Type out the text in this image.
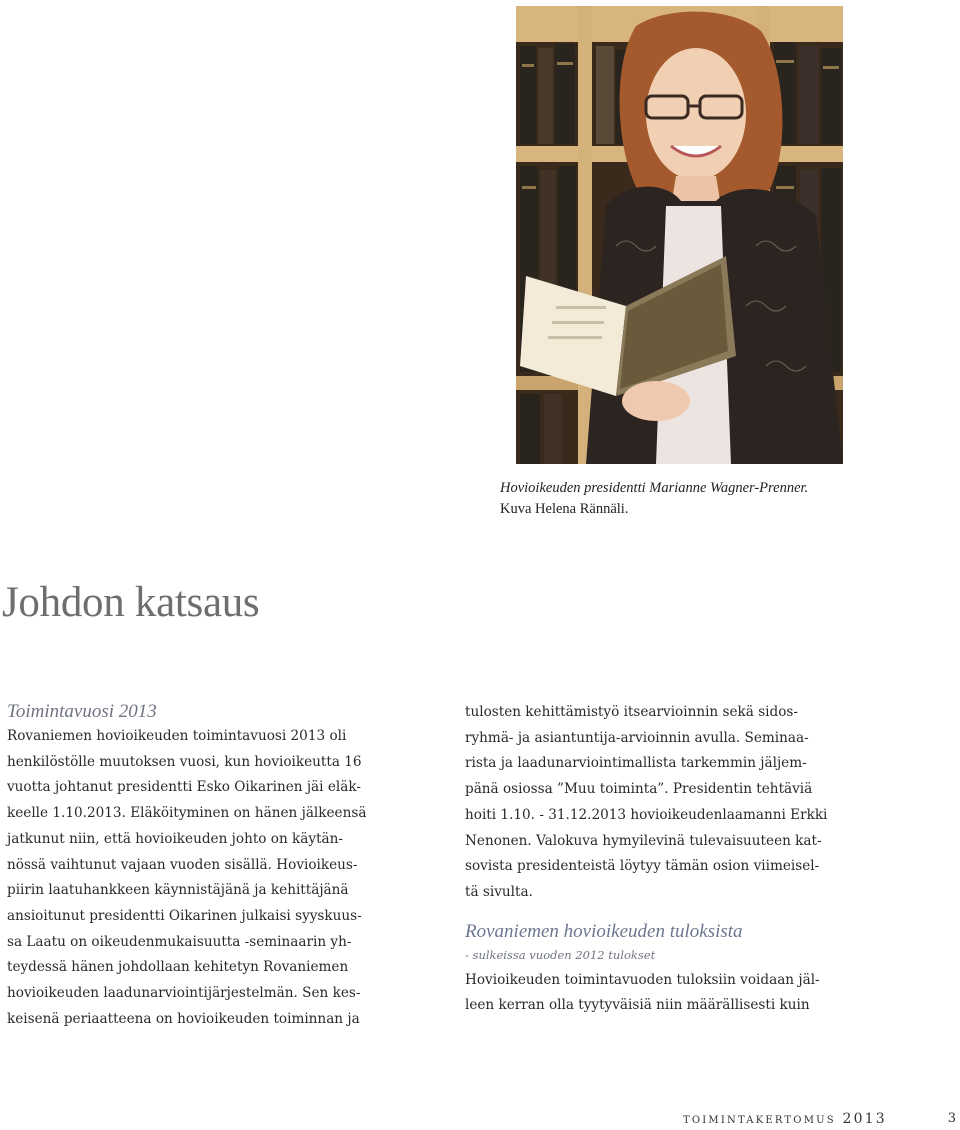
Hovioikeuden presidentti Marianne Wagner-Prenner.
Kuva Helena Rännäli.
Johdon katsaus
Toimintavuosi 2013
Rovaniemen hovioikeuden toimintavuosi 2013 oli
henkilöstölle muutoksen vuosi, kun hovioikeutta 16
vuotta johtanut presidentti Esko Oikarinen jäi eläk-
keelle 1.10.2013. Eläköityminen on hänen jälkeensä
jatkunut niin, että hovioikeuden johto on käytän-
nössä vaihtunut vajaan vuoden sisällä. Hovioikeus-
piirin laatuhankkeen käynnistäjänä ja kehittäjänä
ansioitunut presidentti Oikarinen julkaisi syyskuus-
sa Laatu on oikeudenmukaisuutta -seminaarin yh-
teydessä hänen johdollaan kehitetyn Rovaniemen
hovioikeuden laadunarviointijärjestelmän. Sen kes-
keisenä periaatteena on hovioikeuden toiminnan ja
tulosten kehittämistyö itsearvioinnin sekä sidos-
ryhmä- ja asiantuntija-arvioinnin avulla. Seminaa-
rista ja laadunarviointimallista tarkemmin jäljem-
pänä osiossa ”Muu toiminta”. Presidentin tehtäviä
hoiti 1.10. - 31.12.2013 hovioikeudenlaamanni Erkki
Nenonen. Valokuva hymyilevinä tulevaisuuteen kat-
sovista presidenteistä löytyy tämän osion viimeisel-
tä sivulta.
Rovaniemen hovioikeuden tuloksista
- sulkeissa vuoden 2012 tulokset
Hovioikeuden toimintavuoden tuloksiin voidaan jäl-
leen kerran olla tyytyväisiä niin määrällisesti kuin
toimintakertomus 2013	3
